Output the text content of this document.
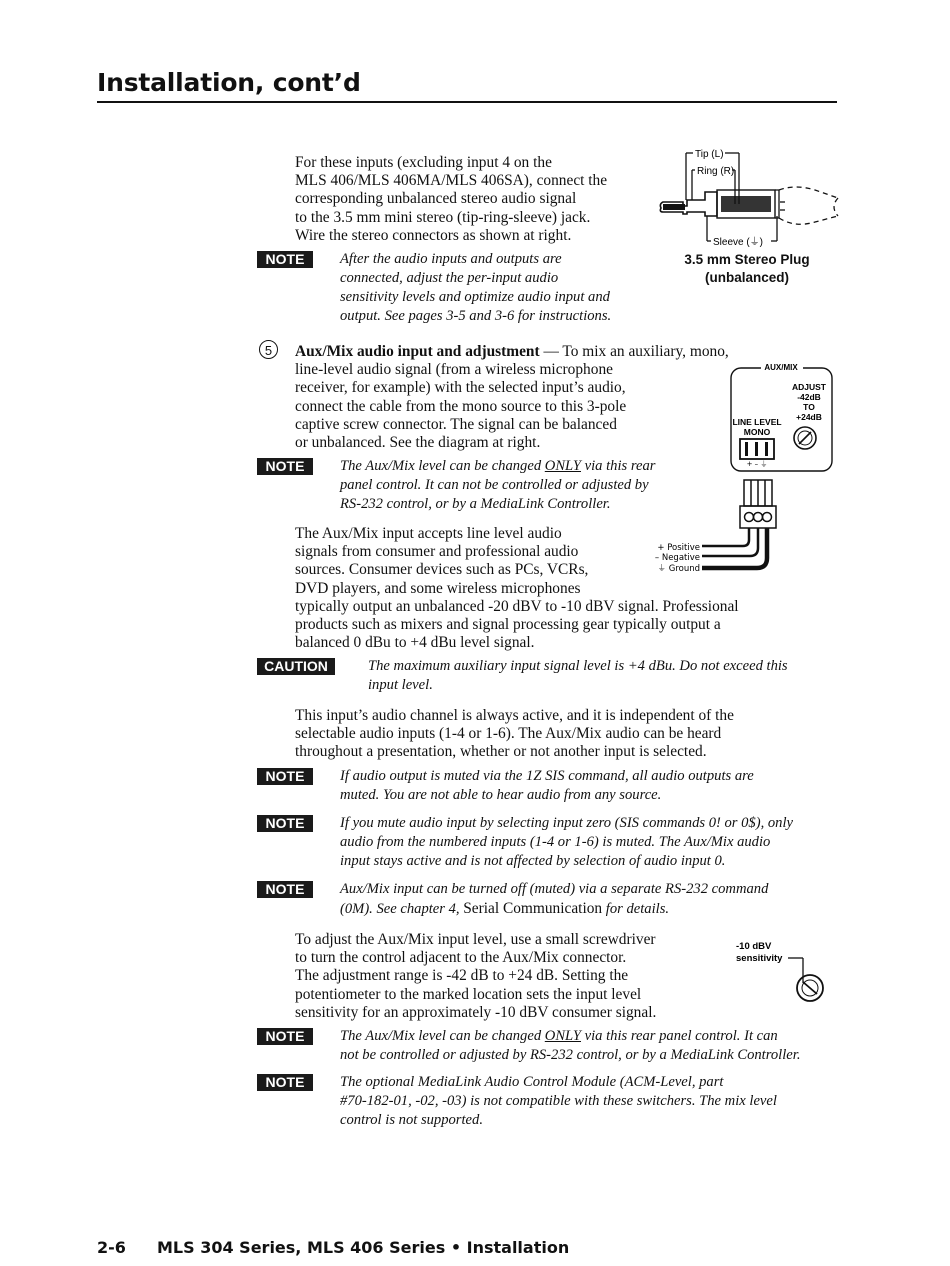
Installation, cont’d

For these inputs (excluding input 4 on the

MLS 406/MLS 406MA/MLS 406SA), connect the

corresponding unbalanced stereo audio signal

to the 3.5 mm mini stereo (tip-ring-sleeve) jack.

Wire the stereo connectors as shown at right.

NOTE	After the audio inputs and outputs are

connected, adjust the per-input audio

sensitivity levels and optimize audio input and

output. See pages 3-5 and 3-6 for instructions.

Tip (L)
Ring (R)
Sleeve (⏚)

3.5 mm Stereo Plug

(unbalanced)

5	Aux/Mix audio input and adjustment — To mix an auxiliary, mono,

line-level audio signal (from a wireless microphone

receiver, for example) with the selected input’s audio,

connect the cable from the mono source to this 3-pole

captive screw connector. The signal can be balanced

or unbalanced. See the diagram at right.

AUX/MIX
ADJUST
-42dB
TO
+24dB
LINE LEVEL
MONO
+ – ⏚
+ Positive
– Negative
⏚ Ground
NOTE	The Aux/Mix level can be changed ONLY via this rear

panel control. It can not be controlled or adjusted by

RS-232 control, or by a MediaLink Controller.

The Aux/Mix input accepts line level audio

signals from consumer and professional audio

sources. Consumer devices such as PCs, VCRs,

DVD players, and some wireless microphones

typically output an unbalanced -20 dBV to -10 dBV signal. Professional

products such as mixers and signal processing gear typically output a

balanced 0 dBu to +4 dBu level signal.

CAUTION	The maximum auxiliary input signal level is +4 dBu. Do not exceed this

input level.

This input’s audio channel is always active, and it is independent of the

selectable audio inputs (1-4 or 1-6). The Aux/Mix audio can be heard

throughout a presentation, whether or not another input is selected.

NOTE	If audio output is muted via the 1Z SIS command, all audio outputs are

muted. You are not able to hear audio from any source.

NOTE	If you mute audio input by selecting input zero (SIS commands 0! or 0$), only

audio from the numbered inputs (1-4 or 1-6) is muted. The Aux/Mix audio

input stays active and is not affected by selection of audio input 0.

NOTE	Aux/Mix input can be turned off (muted) via a separate RS-232 command

(0M). See chapter 4, Serial Communication for details.

To adjust the Aux/Mix input level, use a small screwdriver

to turn the control adjacent to the Aux/Mix connector.

The adjustment range is -42 dB to +24 dB. Setting the

potentiometer to the marked location sets the input level

sensitivity for an approximately -10 dBV consumer signal.

-10 dBV
sensitivity
NOTE	The Aux/Mix level can be changed ONLY via this rear panel control. It can

not be controlled or adjusted by RS-232 control, or by a MediaLink Controller.

NOTE	The optional MediaLink Audio Control Module (ACM-Level, part

#70-182-01, -02, -03) is not compatible with these switchers. The mix level

control is not supported.

2-6 MLS 304 Series, MLS 406 Series • Installation
